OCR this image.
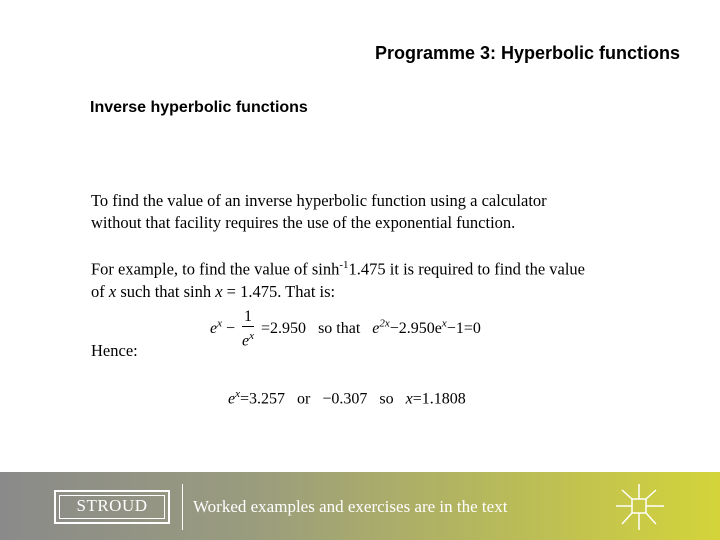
Programme 3: Hyperbolic functions
Inverse hyperbolic functions
To find the value of an inverse hyperbolic function using a calculator
without that facility requires the use of the exponential function.
For example, to find the value of $\sinh^{-1}1.475$ it is required to find the value
of x such that sinh x = 1.475. That is:
$e^x - \frac{1}{e^x} =2.950$ so that $e^{2x}-2.950e^x-1=0$
Hence:
$e^x=3.257$ or −0.307 so x=1.1808
STROUD	Worked examples and exercises are in the text
